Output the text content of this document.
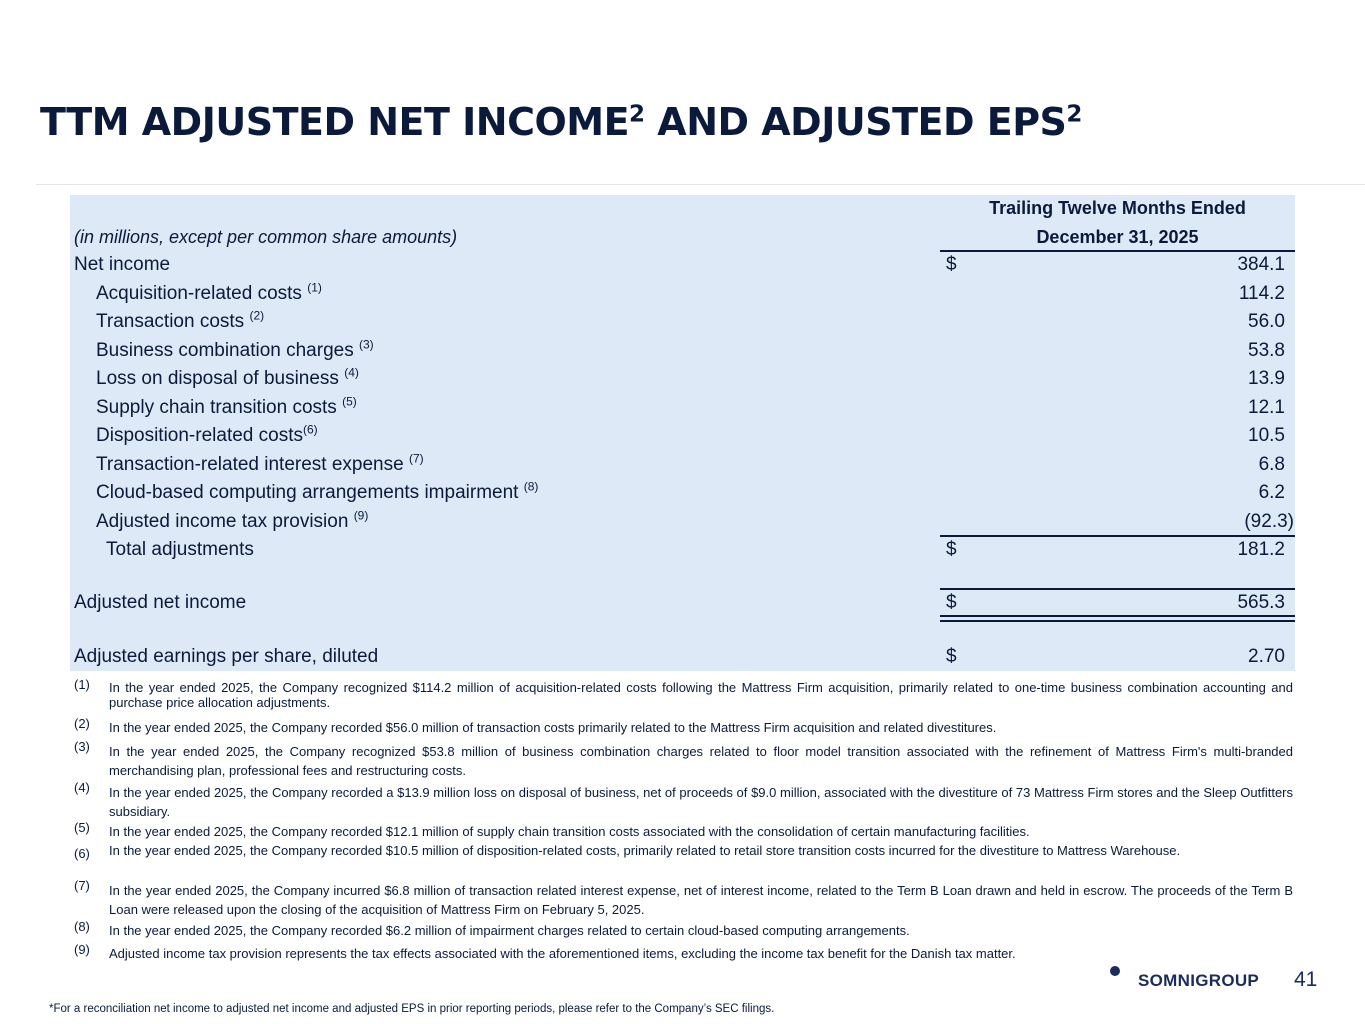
TTM ADJUSTED NET INCOME$^2$ AND ADJUSTED EPS$^2$
Trailing Twelve Months Ended
December 31, 2025
(in millions, except per common share amounts)
Net income	$	384.1
Acquisition-related costs $^{(1)}$	114.2
Transaction costs $^{(2)}$	56.0
Business combination charges $^{(3)}$	53.8
Loss on disposal of business $^{(4)}$	13.9
Supply chain transition costs $^{(5)}$	12.1
Disposition-related costs$^{(6)}$	10.5
Transaction-related interest expense $^{(7)}$	6.8
Cloud-based computing arrangements impairment $^{(8)}$	6.2
Adjusted income tax provision $^{(9)}$	(92.3)
Total adjustments	$	181.2
Adjusted net income	$	565.3
Adjusted earnings per share, diluted	$	2.70
(1) In the year ended 2025, the Company recognized $114.2 million of acquisition-related costs following the Mattress Firm acquisition, primarily related to one-time business combination accounting and purchase price allocation adjustments.
(2) In the year ended 2025, the Company recorded $56.0 million of transaction costs primarily related to the Mattress Firm acquisition and related divestitures.
(3) In the year ended 2025, the Company recognized $53.8 million of business combination charges related to floor model transition associated with the refinement of Mattress Firm's multi-branded merchandising plan, professional fees and restructuring costs.
(4) In the year ended 2025, the Company recorded a $13.9 million loss on disposal of business, net of proceeds of $9.0 million, associated with the divestiture of 73 Mattress Firm stores and the Sleep Outfitters subsidiary.
(5) In the year ended 2025, the Company recorded $12.1 million of supply chain transition costs associated with the consolidation of certain manufacturing facilities.
(6) In the year ended 2025, the Company recorded $10.5 million of disposition-related costs, primarily related to retail store transition costs incurred for the divestiture to Mattress Warehouse.
(7) In the year ended 2025, the Company incurred $6.8 million of transaction related interest expense, net of interest income, related to the Term B Loan drawn and held in escrow. The proceeds of the Term B Loan were released upon the closing of the acquisition of Mattress Firm on February 5, 2025.
(8) In the year ended 2025, the Company recorded $6.2 million of impairment charges related to certain cloud-based computing arrangements.
(9) Adjusted income tax provision represents the tax effects associated with the aforementioned items, excluding the income tax benefit for the Danish tax matter.
SOMNIGROUP 41
*For a reconciliation net income to adjusted net income and adjusted EPS in prior reporting periods, please refer to the Company’s SEC filings.
